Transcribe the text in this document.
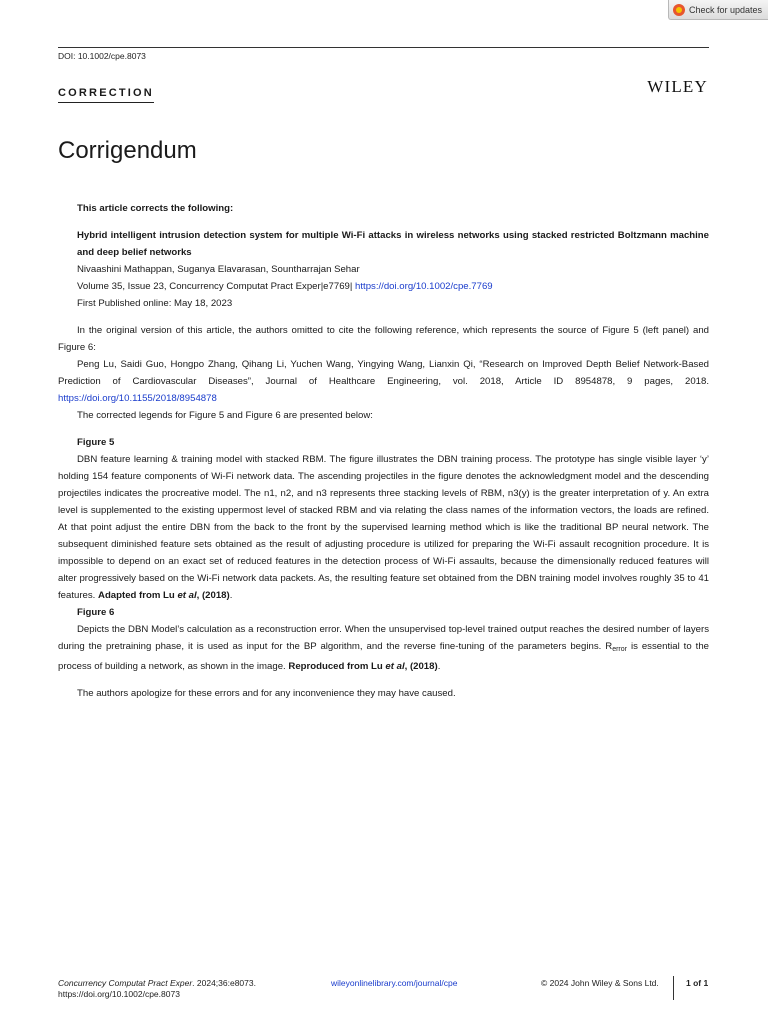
Check for updates
DOI: 10.1002/cpe.8073
CORRECTION	WILEY
Corrigendum

This article corrects the following:

Hybrid intelligent intrusion detection system for multiple Wi-Fi attacks in wireless networks using stacked restricted Boltzmann machine and deep belief networks

Nivaashini Mathappan, Suganya Elavarasan, Sountharrajan Sehar

Volume 35, Issue 23, Concurrency Computat Pract Exper|e7769| https://doi.org/10.1002/cpe.7769

First Published online: May 18, 2023

In the original version of this article, the authors omitted to cite the following reference, which represents the source of Figure 5 (left panel) and Figure 6:

Peng Lu, Saidi Guo, Hongpo Zhang, Qihang Li, Yuchen Wang, Yingying Wang, Lianxin Qi, “Research on Improved Depth Belief Network-Based Prediction of Cardiovascular Diseases”, Journal of Healthcare Engineering, vol. 2018, Article ID 8954878, 9 pages, 2018. https://doi.org/10.1155/2018/8954878

The corrected legends for Figure 5 and Figure 6 are presented below:

Figure 5

DBN feature learning & training model with stacked RBM. The figure illustrates the DBN training process. The prototype has single visible layer ‘y’ holding 154 feature components of Wi-Fi network data. The ascending projectiles in the figure denotes the acknowledgment model and the descending projectiles indicates the procreative model. The n1, n2, and n3 represents three stacking levels of RBM, n3(y) is the greater interpretation of y. An extra level is supplemented to the existing uppermost level of stacked RBM and via relating the class names of the information vectors, the loads are refined. At that point adjust the entire DBN from the back to the front by the supervised learning method which is like the traditional BP neural network. The subsequent diminished feature sets obtained as the result of adjusting procedure is utilized for preparing the Wi-Fi assault recognition procedure. It is impossible to depend on an exact set of reduced features in the detection process of Wi-Fi assaults, because the dimensionally reduced features will alter progressively based on the Wi-Fi network data packets. As, the resulting feature set obtained from the DBN training model involves roughly 35 to 41 features. Adapted from Lu et al, (2018).

Figure 6

Depicts the DBN Model’s calculation as a reconstruction error. When the unsupervised top-level trained output reaches the desired number of layers during the pretraining phase, it is used as input for the BP algorithm, and the reverse fine-tuning of the parameters begins. $R_{error}$ is essential to the process of building a network, as shown in the image. Reproduced from Lu et al, (2018).

The authors apologize for these errors and for any inconvenience they may have caused.

Concurrency Computat Pract Exper. 2024;36:e8073.
https://doi.org/10.1002/cpe.8073
wileyonlinelibrary.com/journal/cpe	© 2024 John Wiley & Sons Ltd.	1 of 1
